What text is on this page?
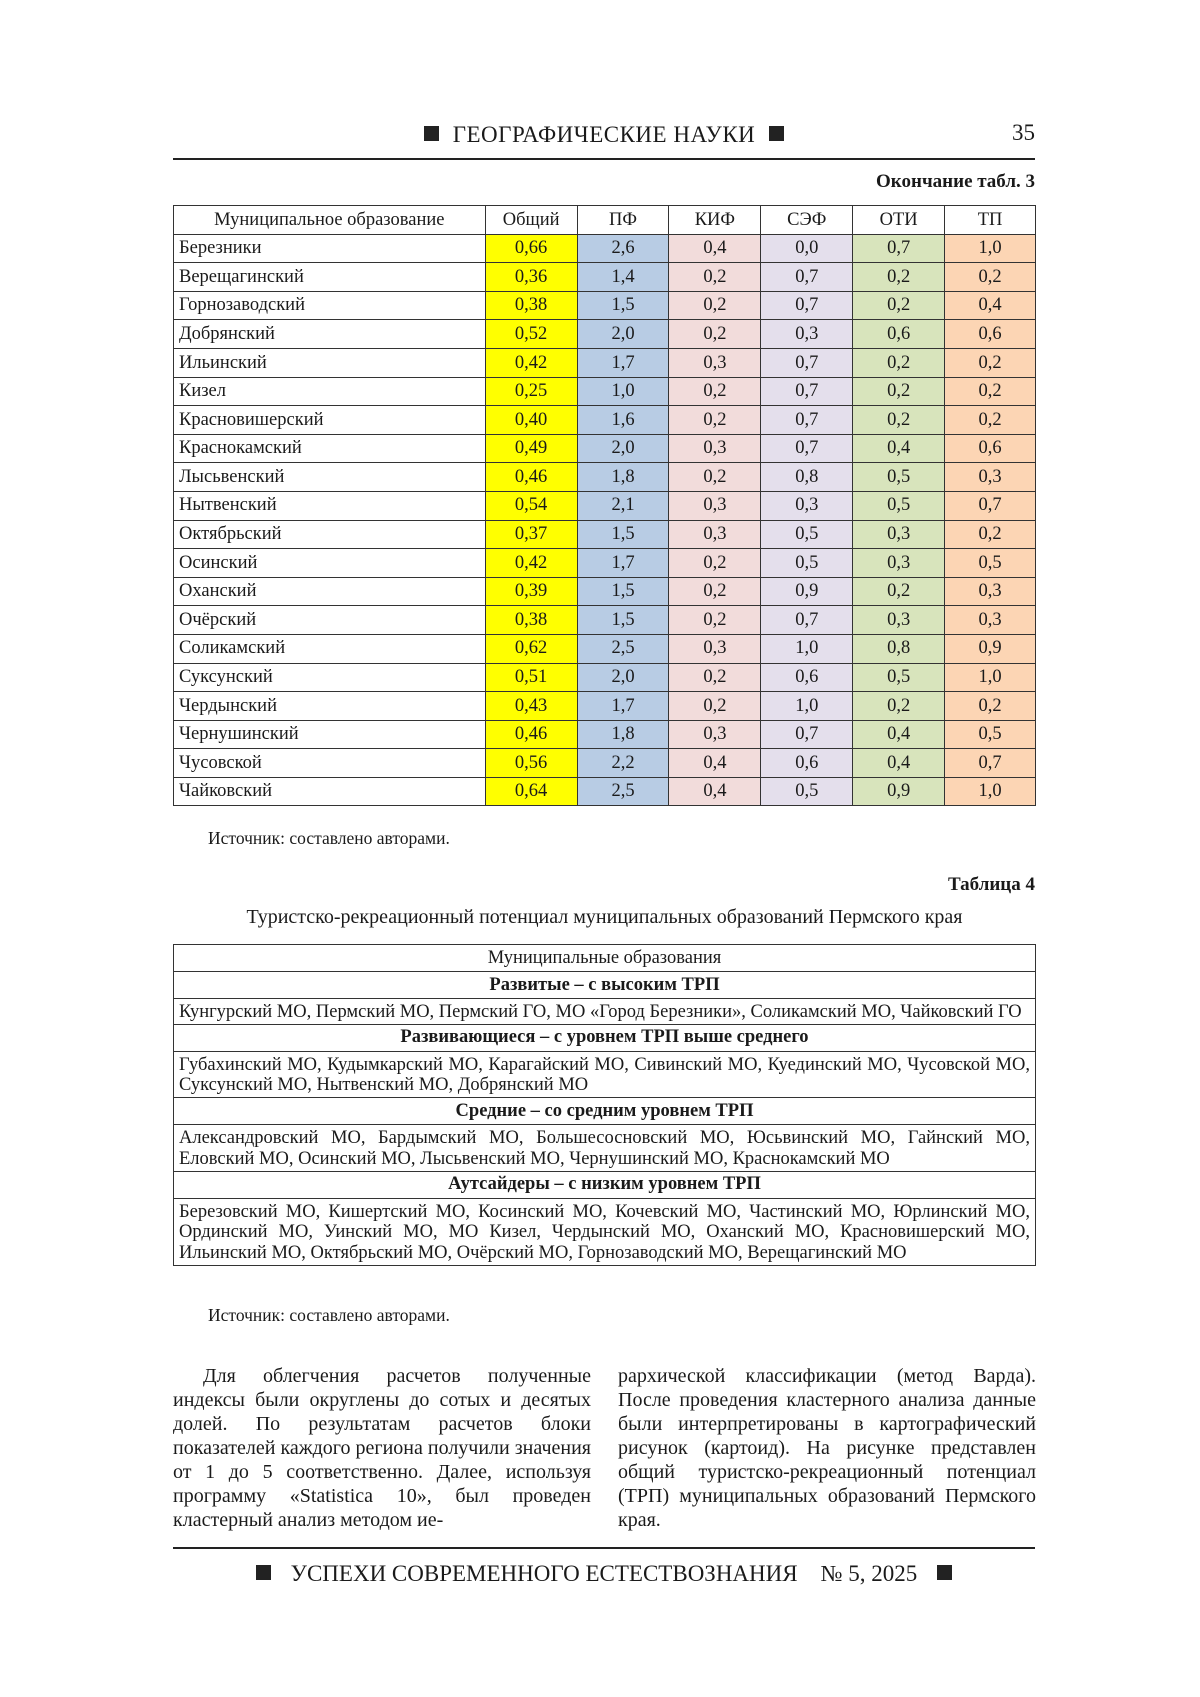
ГЕОГРАФИЧЕСКИЕ НАУКИ	35
Окончание табл. 3
Муниципальное образование	Общий	ПФ	КИФ	СЭФ	ОТИ	ТП
Березники	0,66	2,6	0,4	0,0	0,7	1,0
Верещагинский	0,36	1,4	0,2	0,7	0,2	0,2
Горнозаводский	0,38	1,5	0,2	0,7	0,2	0,4
Добрянский	0,52	2,0	0,2	0,3	0,6	0,6
Ильинский	0,42	1,7	0,3	0,7	0,2	0,2
Кизел	0,25	1,0	0,2	0,7	0,2	0,2
Красновишерский	0,40	1,6	0,2	0,7	0,2	0,2
Краснокамский	0,49	2,0	0,3	0,7	0,4	0,6
Лысьвенский	0,46	1,8	0,2	0,8	0,5	0,3
Нытвенский	0,54	2,1	0,3	0,3	0,5	0,7
Октябрьский	0,37	1,5	0,3	0,5	0,3	0,2
Осинский	0,42	1,7	0,2	0,5	0,3	0,5
Оханский	0,39	1,5	0,2	0,9	0,2	0,3
Очёрский	0,38	1,5	0,2	0,7	0,3	0,3
Соликамский	0,62	2,5	0,3	1,0	0,8	0,9
Суксунский	0,51	2,0	0,2	0,6	0,5	1,0
Чердынский	0,43	1,7	0,2	1,0	0,2	0,2
Чернушинский	0,46	1,8	0,3	0,7	0,4	0,5
Чусовской	0,56	2,2	0,4	0,6	0,4	0,7
Чайковский	0,64	2,5	0,4	0,5	0,9	1,0
Источник: составлено авторами.
Таблица 4
Туристско-рекреационный потенциал муниципальных образований Пермского края
Муниципальные образования
Развитые – с высоким ТРП
Кунгурский МО, Пермский МО, Пермский ГО, МО «Город Березники», Соликамский МО, Чайковский ГО
Развивающиеся – с уровнем ТРП выше среднего
Губахинский МО, Кудымкарский МО, Карагайский МО, Сивинский МО, Куединский МО, Чусовской МО, Суксунский МО, Нытвенский МО, Добрянский МО
Средние – со средним уровнем ТРП
Александровский МО, Бардымский МО, Большесосновский МО, Юсьвинский МО, Гайнский МО, Еловский МО, Осинский МО, Лысьвенский МО, Чернушинский МО, Краснокамский МО
Аутсайдеры – с низким уровнем ТРП
Березовский МО, Кишертский МО, Косинский МО, Кочевский МО, Частинский МО, Юрлинский МО, Ординский МО, Уинский МО, МО Кизел, Чердынский МО, Оханский МО, Красновишерский МО, Ильинский МО, Октябрьский МО, Очёрский МО, Горнозаводский МО, Верещагинский МО
Источник: составлено авторами.
Для облегчения расчетов полученные индексы были округлены до сотых и десятых долей. По результатам расчетов блоки показателей каждого региона получили значения от 1 до 5 соответственно. Далее, используя программу «Statistica 10», был проведен кластерный анализ методом ие-
рархической классификации (метод Варда). После проведения кластерного анализа данные были интерпретированы в картографический рисунок (картоид). На рисунке представлен общий туристско-рекреационный потенциал (ТРП) муниципальных образований Пермского края.
УСПЕХИ СОВРЕМЕННОГО ЕСТЕСТВОЗНАНИЯ № 5, 2025
